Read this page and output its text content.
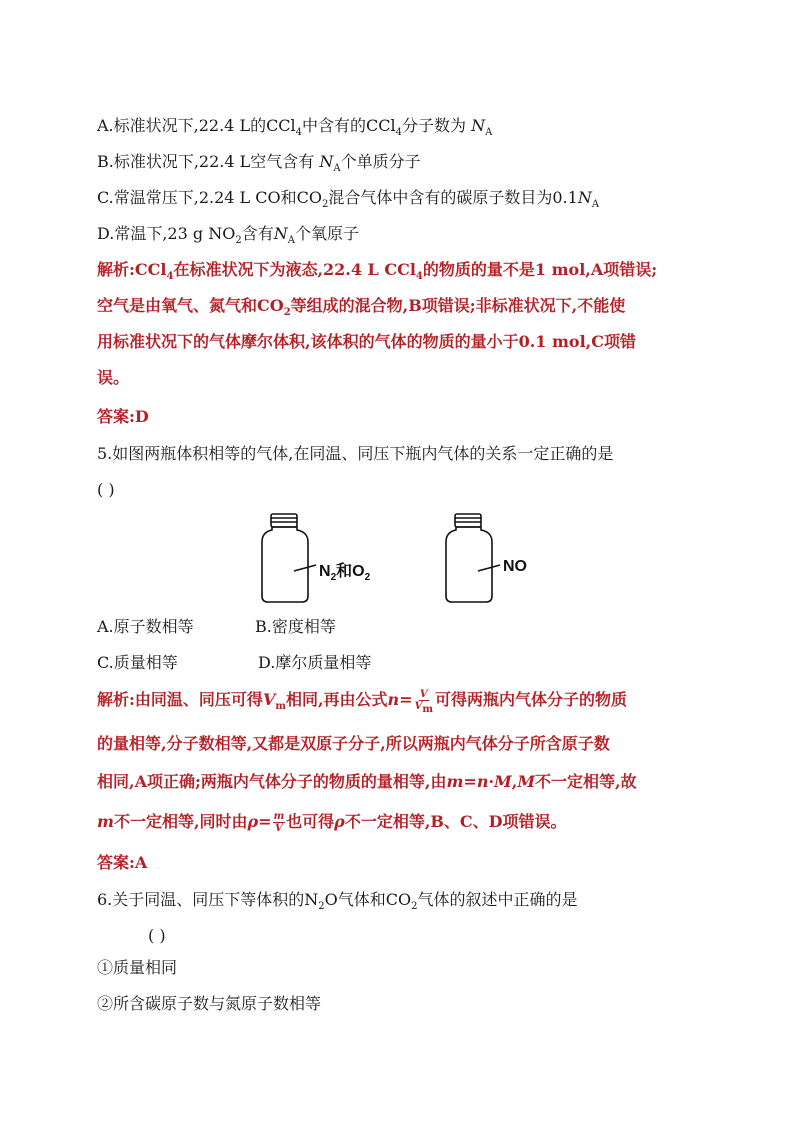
A.标准状况下,22.4 L的CCl$_4$中含有的CCl$_4$分子数为 $N_A$
B.标准状况下,22.4 L空气含有 $N_A$个单质分子
C.常温常压下,2.24 L CO和$CO_2$混合气体中含有的碳原子数目为$0.1N_A$
D.常温下,23 g $NO_2$含有$N_A$个氧原子
解析:CCl$_4$在标准状况下为液态,22.4 L CCl$_4$的物质的量不是1 mol,A项错误;
空气是由氧气、氮气和$CO_2$等组成的混合物,B项错误;非标准状况下,不能使
用标准状况下的气体摩尔体积,该体积的气体的物质的量小于0.1 mol,C项错
误。
答案:D
5.如图两瓶体积相等的气体,在同温、同压下瓶内气体的关系一定正确的是
( )
$N_2$和$O_2$
NO
A.原子数相等	B.密度相等
C.质量相等	D.摩尔质量相等
解析:由同温、同压可得$V_m$相同,再由公式$n= \frac{V}{V_m}$ 可得两瓶内气体分子的物质
的量相等,分子数相等,又都是双原子分子,所以两瓶内气体分子所含原子数
相同,A项正确;两瓶内气体分子的物质的量相等,由m=n·M,M不一定相等,故
m不一定相等,同时由$\rho= \frac{m}{V}$ 也可得ρ不一定相等,B、C、D项错误。
答案:A
6.关于同温、同压下等体积的$N_2O$气体和$CO_2$气体的叙述中正确的是
( )
①质量相同
②所含碳原子数与氮原子数相等
